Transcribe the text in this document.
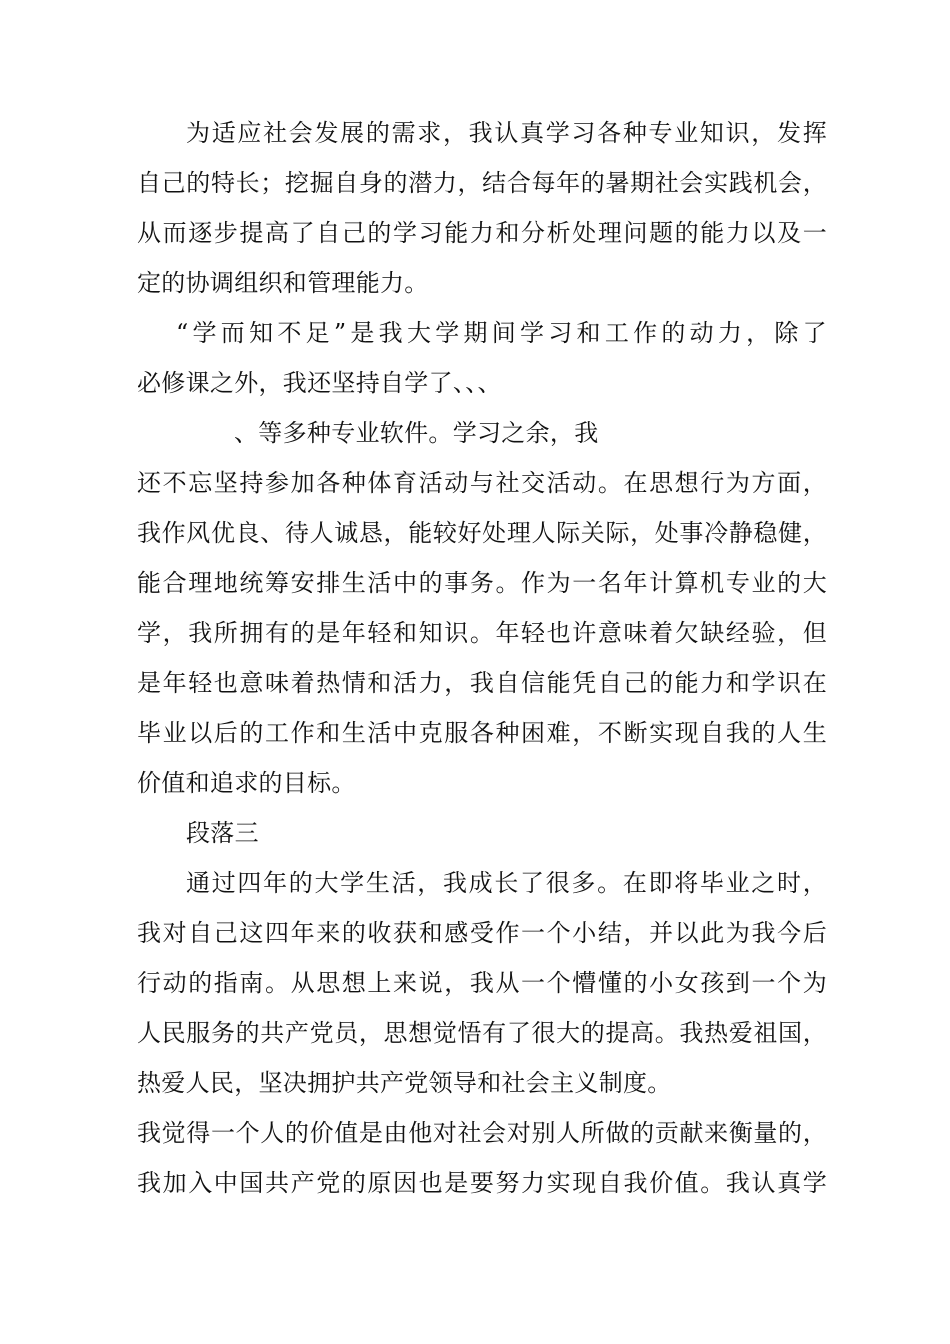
为适应社会发展的需求，我认真学习各种专业知识，发挥
自己的特长；挖掘自身的潜力，结合每年的暑期社会实践机会，
从而逐步提高了自己的学习能力和分析处理问题的能力以及一
定的协调组织和管理能力。
“学而知不足”是我大学期间学习和工作的动力，除了
必修课之外，我还坚持自学了、、、
、等多种专业软件。学习之余，我
还不忘坚持参加各种体育活动与社交活动。在思想行为方面，
我作风优良、待人诚恳，能较好处理人际关际，处事冷静稳健，
能合理地统筹安排生活中的事务。作为一名年计算机专业的大
学，我所拥有的是年轻和知识。年轻也许意味着欠缺经验，但
是年轻也意味着热情和活力，我自信能凭自己的能力和学识在
毕业以后的工作和生活中克服各种困难，不断实现自我的人生
价值和追求的目标。
段落三
通过四年的大学生活，我成长了很多。在即将毕业之时，
我对自己这四年来的收获和感受作一个小结，并以此为我今后
行动的指南。从思想上来说，我从一个懵懂的小女孩到一个为
人民服务的共产党员，思想觉悟有了很大的提高。我热爱祖国，
热爱人民，坚决拥护共产党领导和社会主义制度。
我觉得一个人的价值是由他对社会对别人所做的贡献来衡量的，
我加入中国共产党的原因也是要努力实现自我价值。我认真学
